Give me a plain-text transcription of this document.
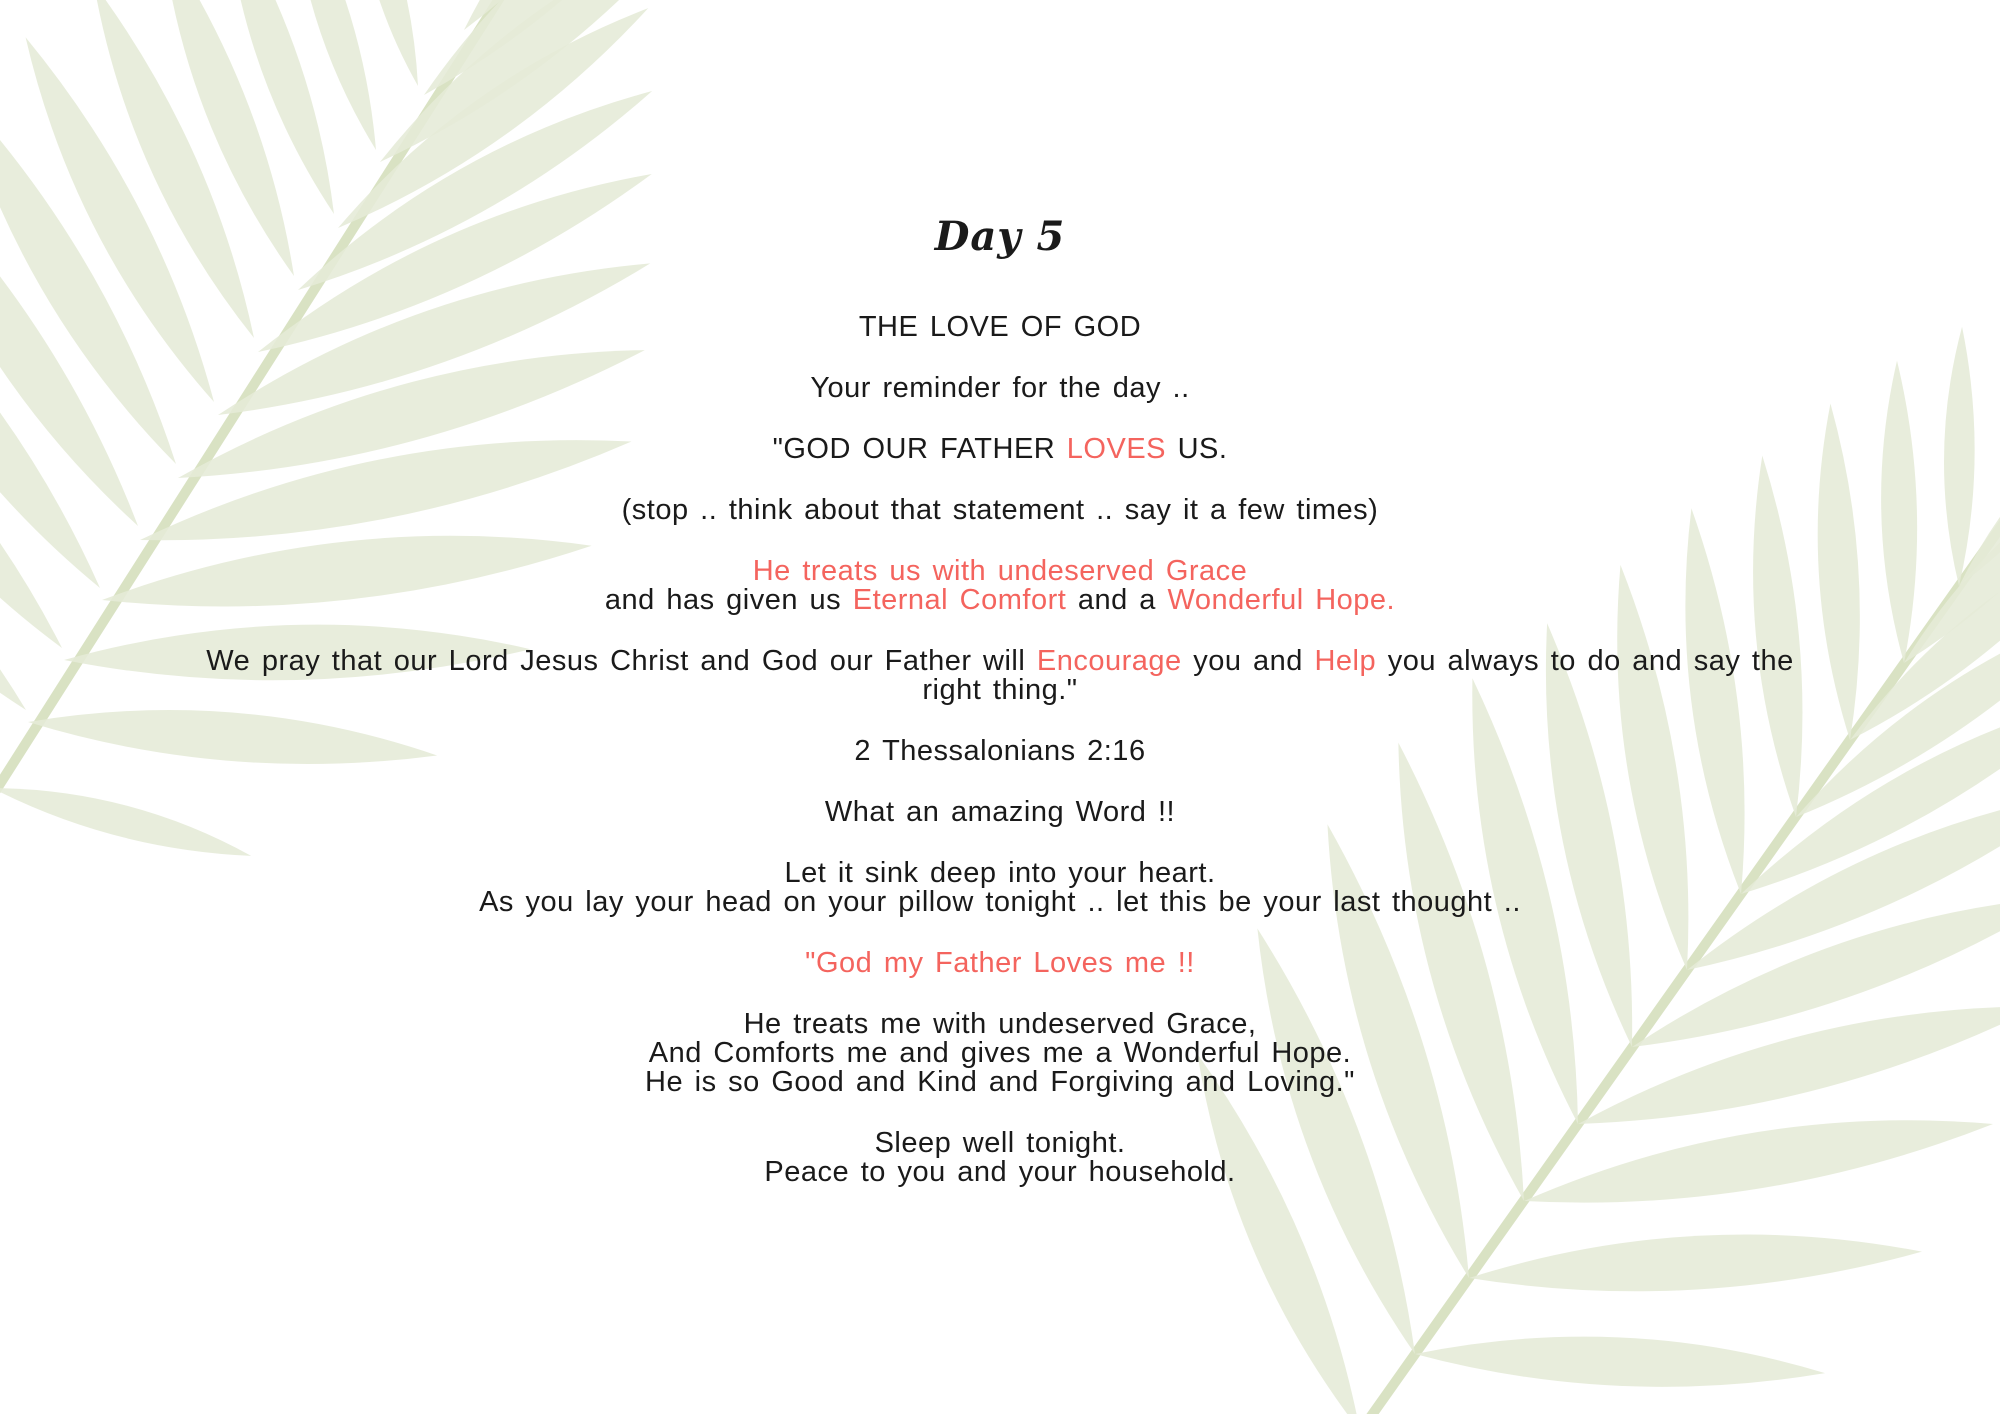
Day 5

THE LOVE OF GOD

Your reminder for the day ..

"GOD OUR FATHER LOVES US.

(stop .. think about that statement .. say it a few times)

He treats us with undeserved Grace
and has given us Eternal Comfort and a Wonderful Hope.

We pray that our Lord Jesus Christ and God our Father will Encourage you and Help you always to do and say the
right thing."

2 Thessalonians 2:16

What an amazing Word !!

Let it sink deep into your heart.
As you lay your head on your pillow tonight .. let this be your last thought ..

"God my Father Loves me !!

He treats me with undeserved Grace,
And Comforts me and gives me a Wonderful Hope.
He is so Good and Kind and Forgiving and Loving."

Sleep well tonight.
Peace to you and your household.
